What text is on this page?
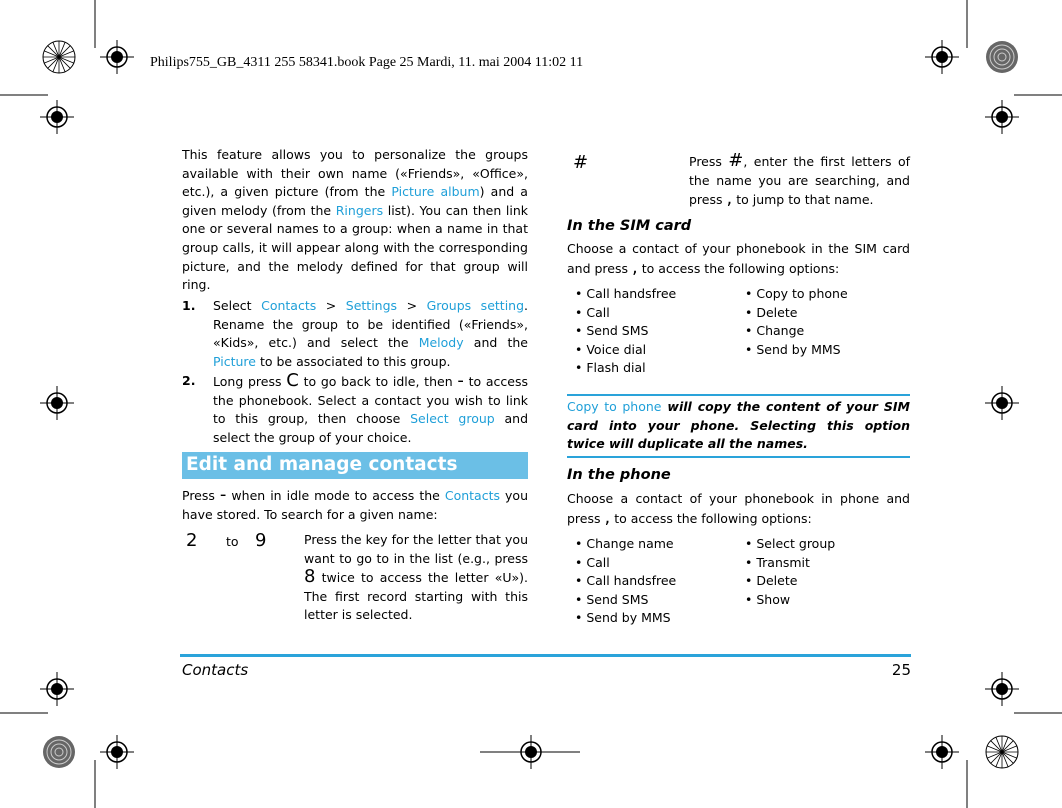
Philips755_GB_4311 255 58341.book Page 25 Mardi, 11. mai 2004 11:02 11
This feature allows you to personalize the groups available with their own name («Friends», «Office», etc.), a given picture (from the Picture album) and a given melody (from the Ringers list). You can then link one or several names to a group: when a name in that group calls, it will appear along with the corresponding picture, and the melody defined for that group will ring.
1. Select Contacts > Settings > Groups setting. Rename the group to be identified («Friends», «Kids», etc.) and select the Melody and the Picture to be associated to this group.
2. Long press C to go back to idle, then - to access the phonebook. Select a contact you wish to link to this group, then choose Select group and select the group of your choice.
Edit and manage contacts
Press - when in idle mode to access the Contacts you have stored. To search for a given name:
2 to 9	Press the key for the letter that you want to go to in the list (e.g., press 8 twice to access the letter «U»). The first record starting with this letter is selected.
#	Press #, enter the first letters of the name you are searching, and press , to jump to that name.
In the SIM card
Choose a contact of your phonebook in the SIM card and press , to access the following options:
• Call handsfree
• Call
• Send SMS
• Voice dial
• Flash dial
• Copy to phone
• Delete
• Change
• Send by MMS
Copy to phone will copy the content of your SIM card into your phone. Selecting this option twice will duplicate all the names.
In the phone
Choose a contact of your phonebook in phone and press , to access the following options:
• Change name
• Call
• Call handsfree
• Send SMS
• Send by MMS
• Select group
• Transmit
• Delete
• Show
Contacts	25
